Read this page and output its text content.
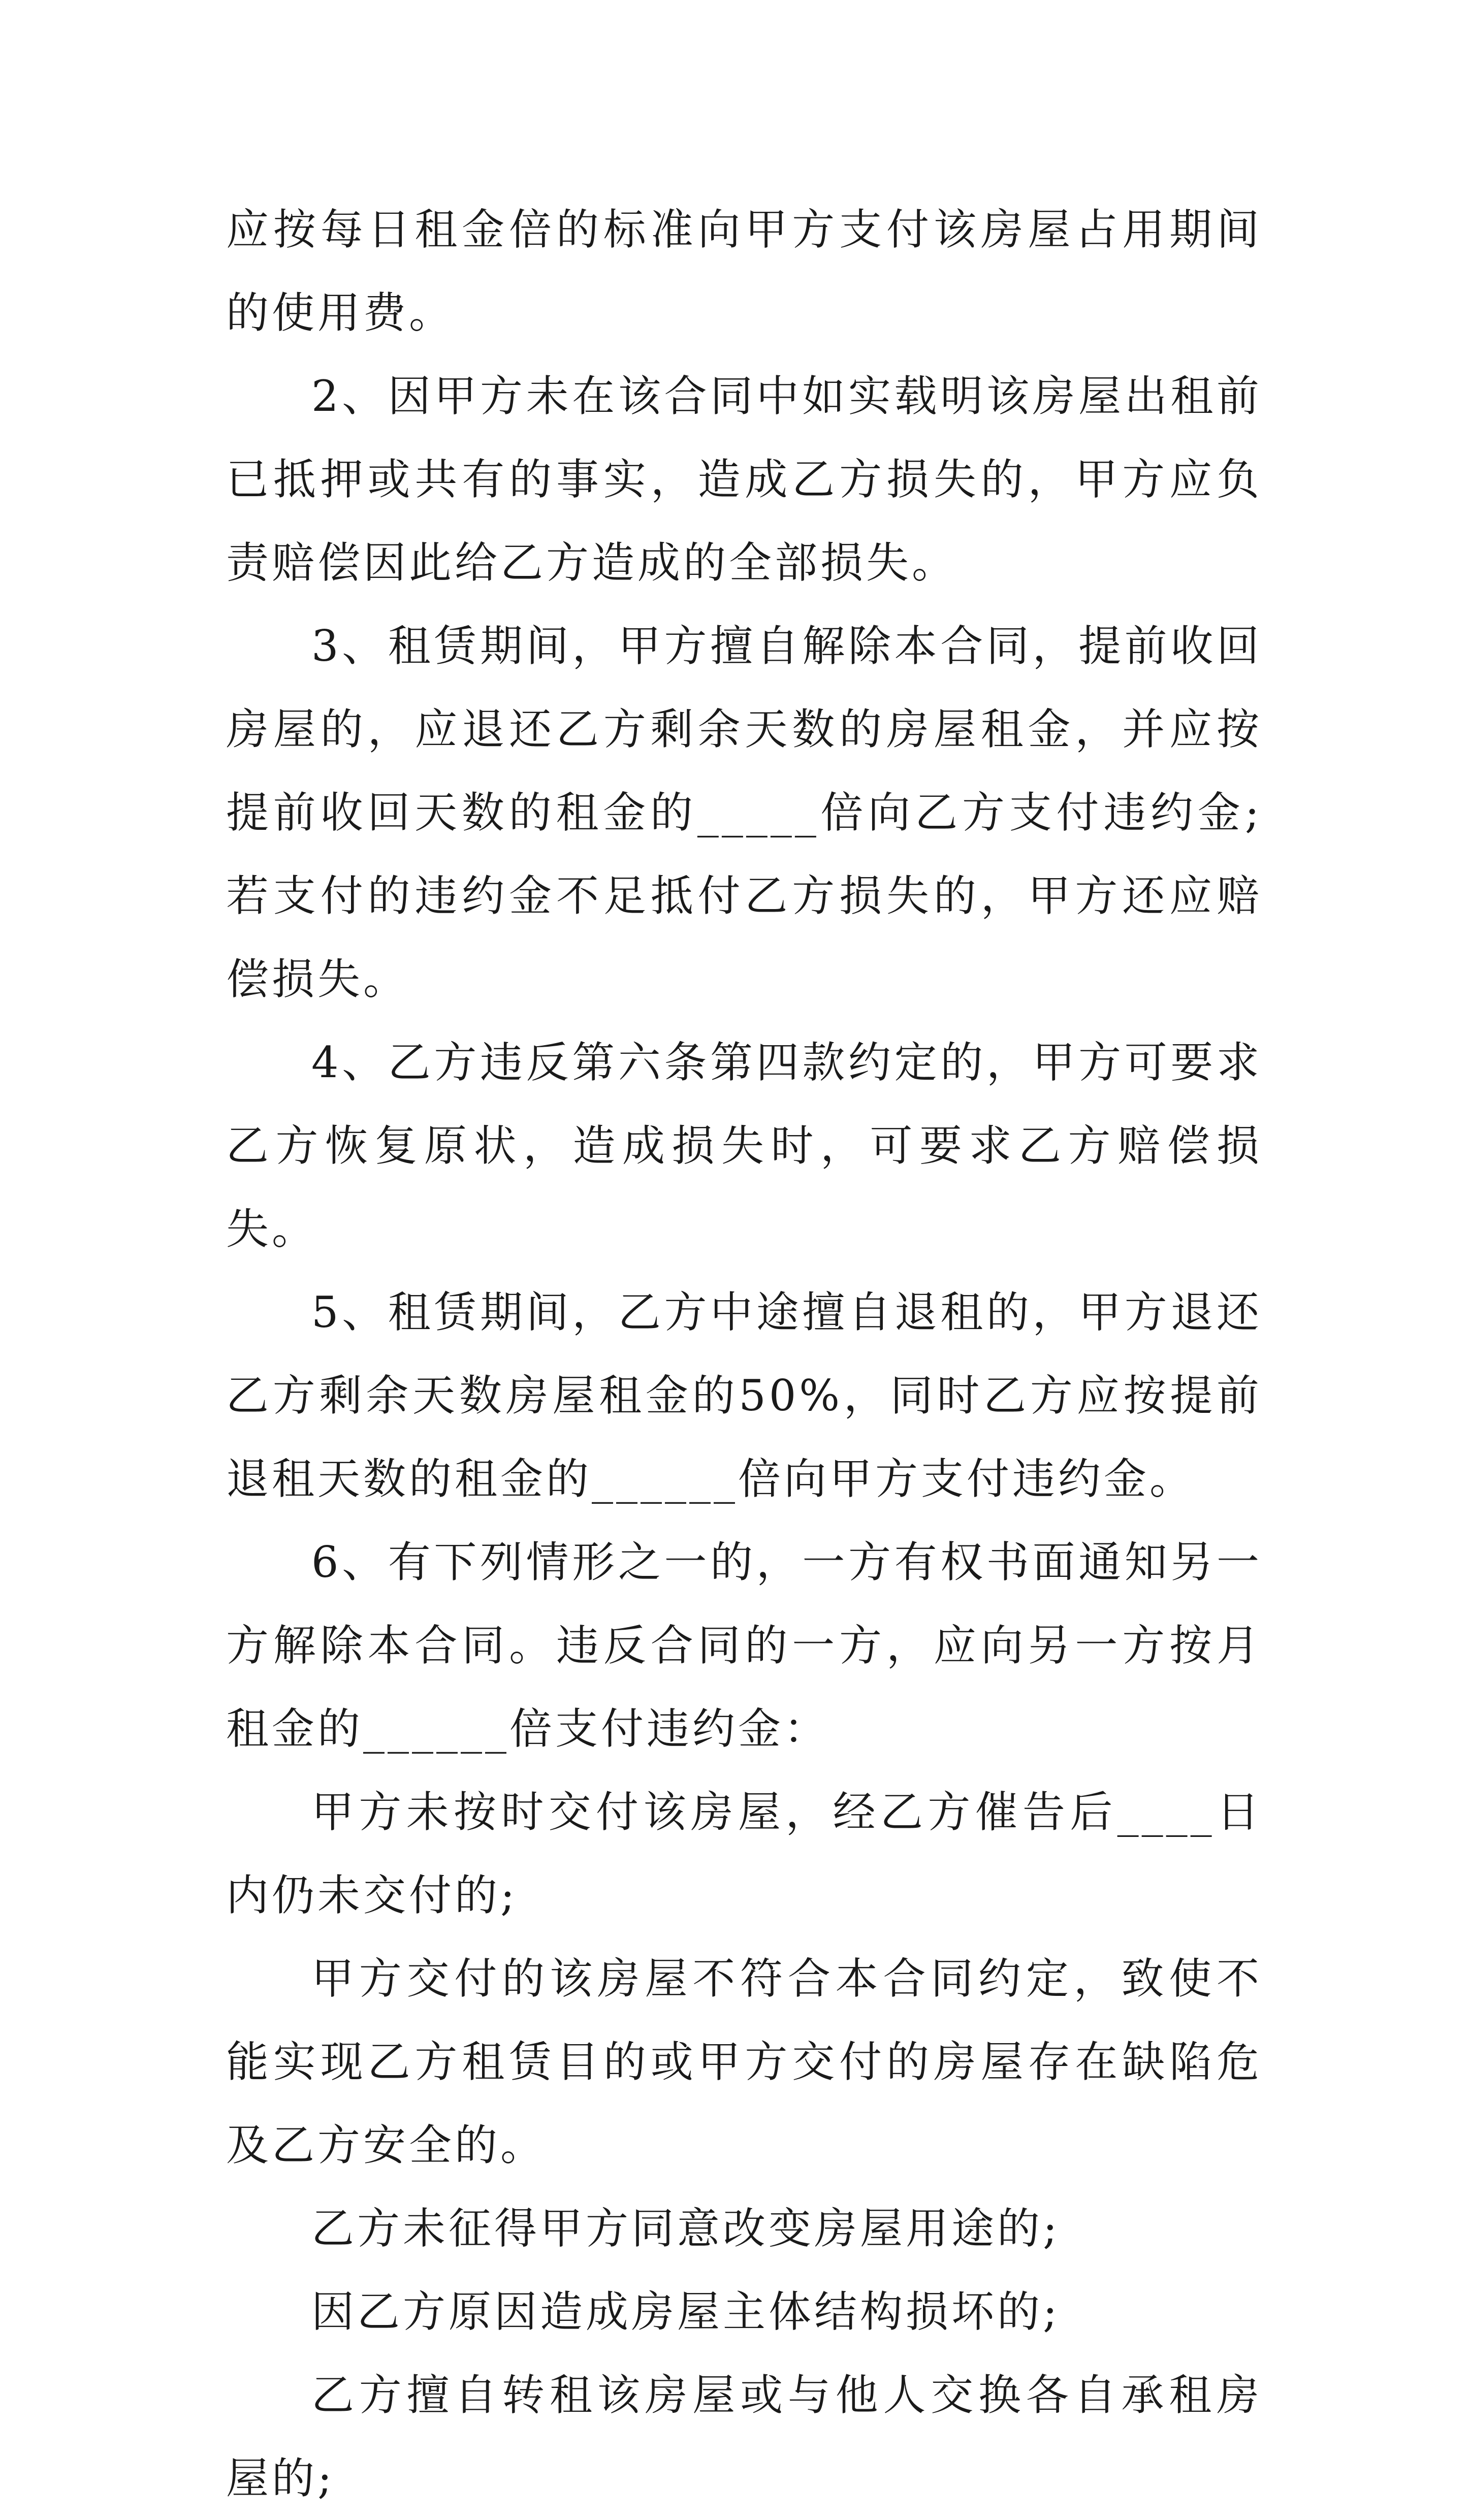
应按每日租金倍的标准向甲方支付该房屋占用期间的使用费。

2、因甲方未在该合同中如实载明该房屋出租前已抵押或共有的事实，造成乙方损失的，甲方应负责赔偿因此给乙方造成的全部损失。

3、租赁期间，甲方擅自解除本合同，提前收回房屋的，应退还乙方剩余天数的房屋租金，并应按提前收回天数的租金的_____倍向乙方支付违约金;若支付的违约金不足抵付乙方损失的，甲方还应赔偿损失。

4、乙方违反第六条第四款约定的，甲方可要求乙方恢复原状，造成损失时，可要求乙方赔偿损失。

5、租赁期间，乙方中途擅自退租的，甲方退还乙方剩余天数房屋租金的50%，同时乙方应按提前退租天数的租金的______倍向甲方支付违约金。

6、有下列情形之一的，一方有权书面通知另一方解除本合同。违反合同的一方，应向另一方按月租金的______倍支付违约金：

甲方未按时交付该房屋，经乙方催告后____日内仍未交付的;

甲方交付的该房屋不符合本合同约定，致使不能实现乙方租赁目的或甲方交付的房屋存在缺陷危及乙方安全的。

乙方未征得甲方同意改变房屋用途的;

因乙方原因造成房屋主体结构损坏的;

乙方擅自转租该房屋或与他人交换各自承租房屋的;
